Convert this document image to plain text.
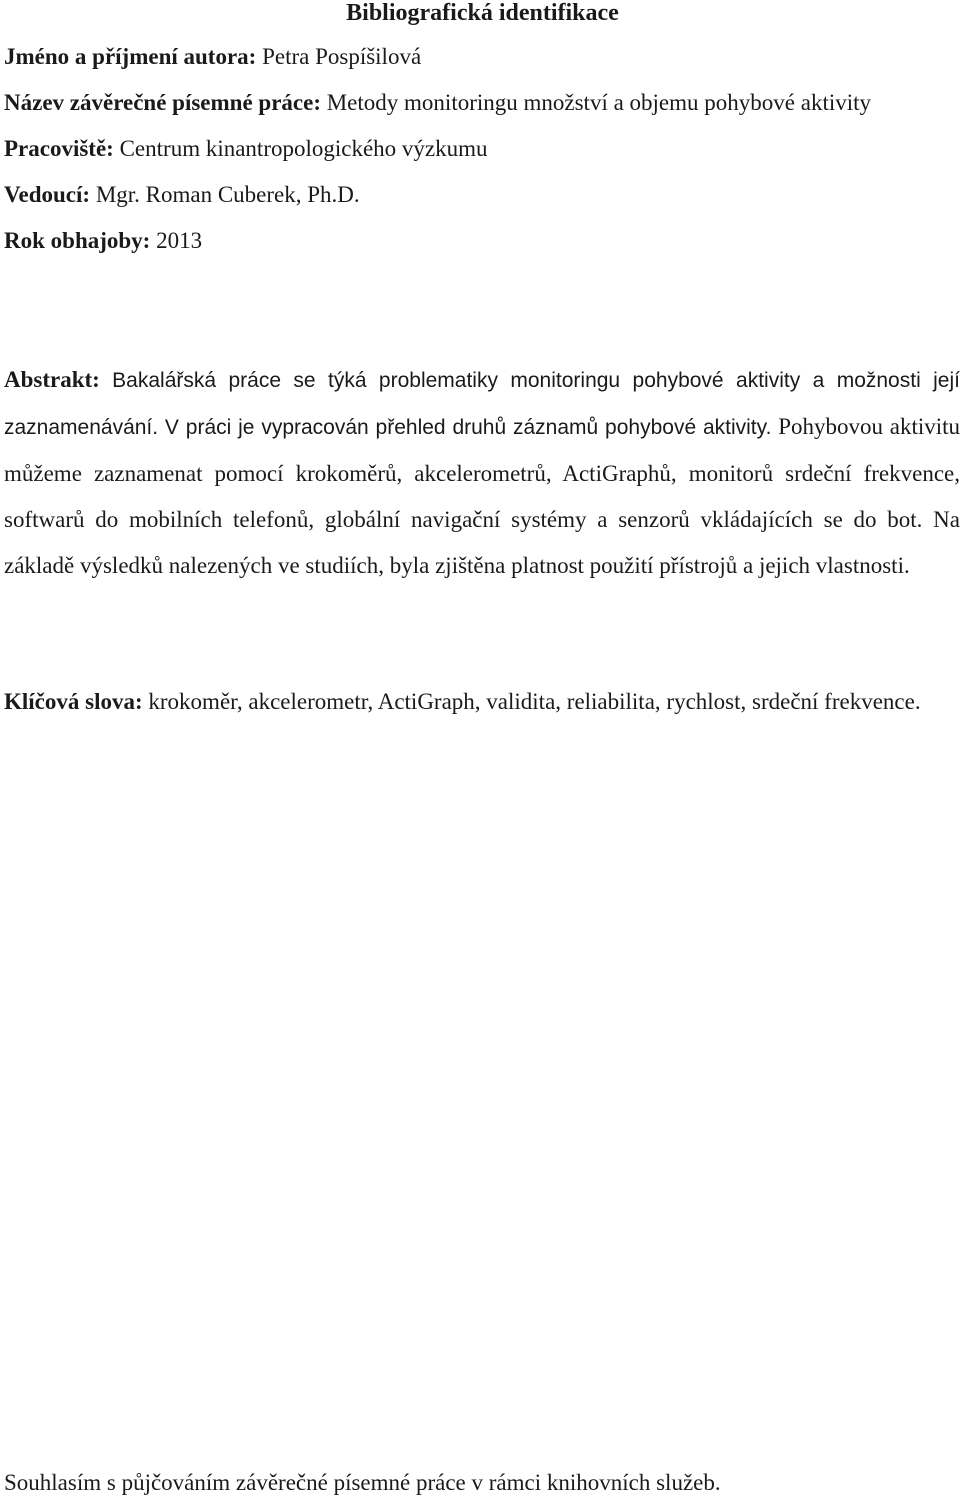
Bibliografická identifikace

Jméno a příjmení autora: Petra Pospíšilová

Název závěrečné písemné práce: Metody monitoringu množství a objemu pohybové aktivity

Pracoviště: Centrum kinantropologického výzkumu

Vedoucí: Mgr. Roman Cuberek, Ph.D.

Rok obhajoby: 2013

Abstrakt: Bakalářská práce se týká problematiky monitoringu pohybové aktivity a možnosti její zaznamenávání. V práci je vypracován přehled druhů záznamů pohybové aktivity. Pohybovou aktivitu můžeme zaznamenat pomocí krokoměrů, akcelerometrů, ActiGraphů, monitorů srdeční frekvence, softwarů do mobilních telefonů, globální navigační systémy a senzorů vkládajících se do bot. Na základě výsledků nalezených ve studiích, byla zjištěna platnost použití přístrojů a jejich vlastnosti.

Klíčová slova: krokoměr, akcelerometr, ActiGraph, validita, reliabilita, rychlost, srdeční frekvence.

Souhlasím s půjčováním závěrečné písemné práce v rámci knihovních služeb.
